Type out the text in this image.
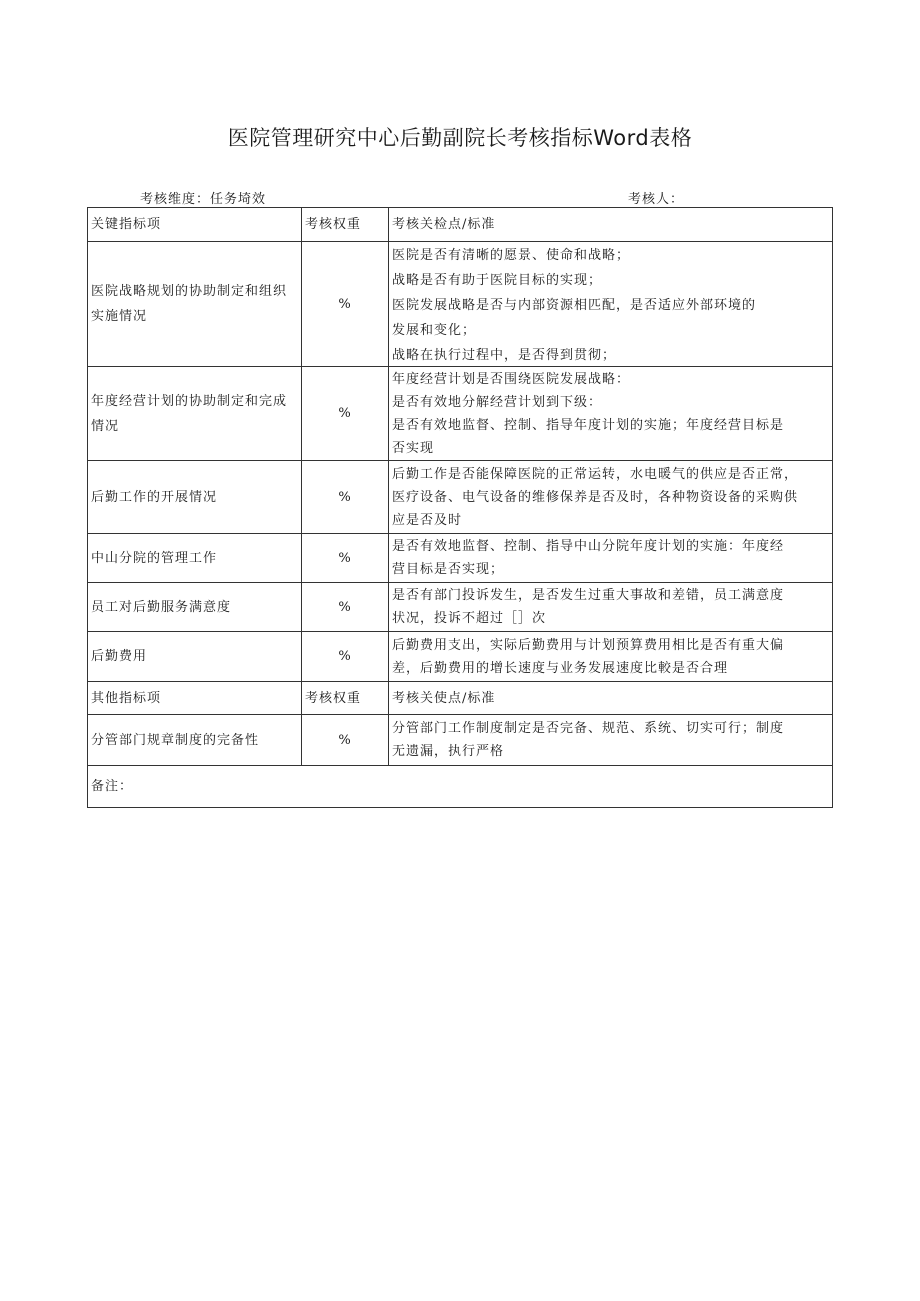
医院管理研究中心后勤副院长考核指标Word表格
考核维度：任务埼效	考核人：
关键指标项	考核权重	考核关检点/标准
医院战略规划的协助制定和组织实施情况	%	医院是否有清晰的愿景、使命和战略；
战略是否有助于医院目标的实现；
医院发展战略是否与内部资源相匹配，是否适应外部环境的
发展和变化；
战略在执行过程中，是否得到贯彻；

年度经营计划的协助制定和完成情况	%	年度经营计划是否围绕医院发展战略：
是否有效地分解经营计划到下级：
是否有效地监督、控制、指导年度计划的实施；年度经营目标是
否实现

后勤工作的开展情况	%	后勤工作是否能保障医院的正常运转，水电暖气的供应是否正常，
医疗设备、电气设备的维修保养是否及时，各种物资设备的采购供
应是否及时

中山分院的管理工作	%	是否有效地监督、控制、指导中山分院年度计划的实施：年度经
营目标是否实现；

员工对后勤服务满意度	%	是否有部门投诉发生，是否发生过重大事故和差错，员工满意度
状况，投诉不超过［］次

后勤费用	%	后勤费用支出，实际后勤费用与计划预算费用相比是否有重大偏
差，后勤费用的增长速度与业务发展速度比較是否合理

其他指标项	考核权重	考核关使点/标准
分管部门规章制度的完备性	%	分管部门工作制度制定是否完备、规范、系统、切实可行；制度
无遗漏，执行严格

备注：		
